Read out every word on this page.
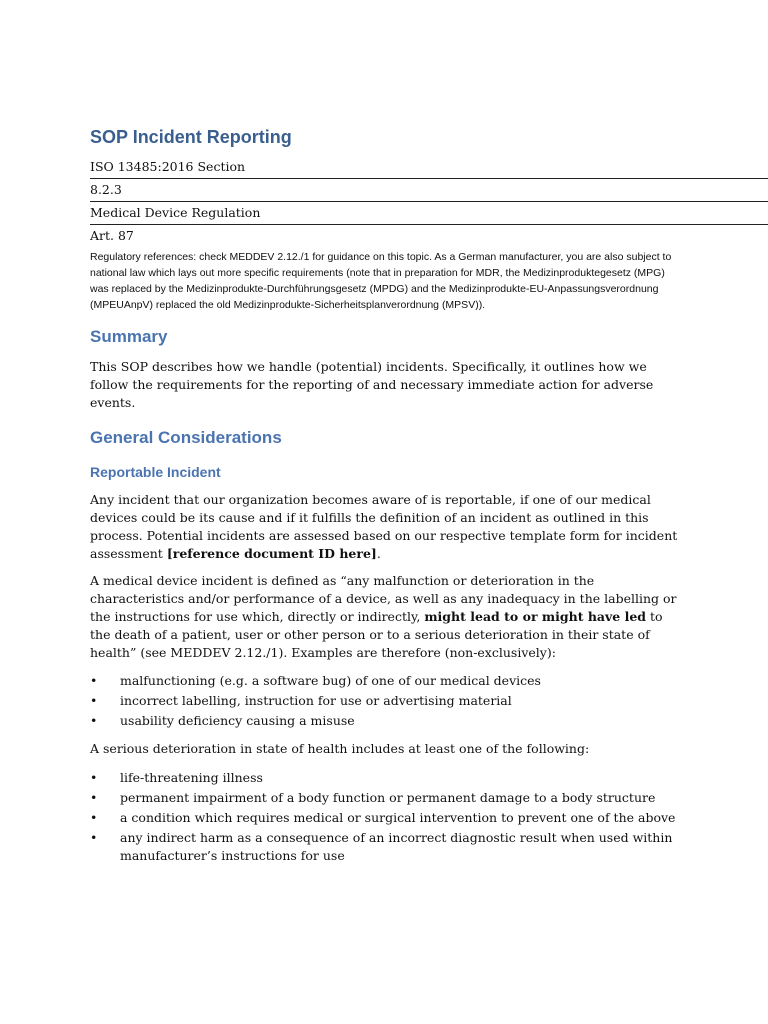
SOP Incident Reporting
ISO 13485:2016 Section
8.2.3
Medical Device Regulation
Art. 87

Regulatory references: check MEDDEV 2.12./1 for guidance on this topic. As a German manufacturer, you are also subject to national law which lays out more specific requirements (note that in preparation for MDR, the Medizinproduktegesetz (MPG) was replaced by the Medizinprodukte-Durchführungsgesetz (MPDG) and the Medizinprodukte-EU-Anpassungsverordnung (MPEUAnpV) replaced the old Medizinprodukte-Sicherheitsplanverordnung (MPSV)).

Summary

This SOP describes how we handle (potential) incidents. Specifically, it outlines how we follow the requirements for the reporting of and necessary immediate action for adverse events.

General Considerations
Reportable Incident

Any incident that our organization becomes aware of is reportable, if one of our medical devices could be its cause and if it fulfills the definition of an incident as outlined in this process. Potential incidents are assessed based on our respective template form for incident assessment [reference document ID here].

A medical device incident is defined as “any malfunction or deterioration in the characteristics and/or performance of a device, as well as any inadequacy in the labelling or the instructions for use which, directly or indirectly, might lead to or might have led to the death of a patient, user or other person or to a serious deterioration in their state of health” (see MEDDEV 2.12./1). Examples are therefore (non-exclusively):

• malfunctioning (e.g. a software bug) of one of our medical devices
• incorrect labelling, instruction for use or advertising material
• usability deficiency causing a misuse

A serious deterioration in state of health includes at least one of the following:

• life-threatening illness
• permanent impairment of a body function or permanent damage to a body structure
• a condition which requires medical or surgical intervention to prevent one of the above
• any indirect harm as a consequence of an incorrect diagnostic result when used within manufacturer’s instructions for use
